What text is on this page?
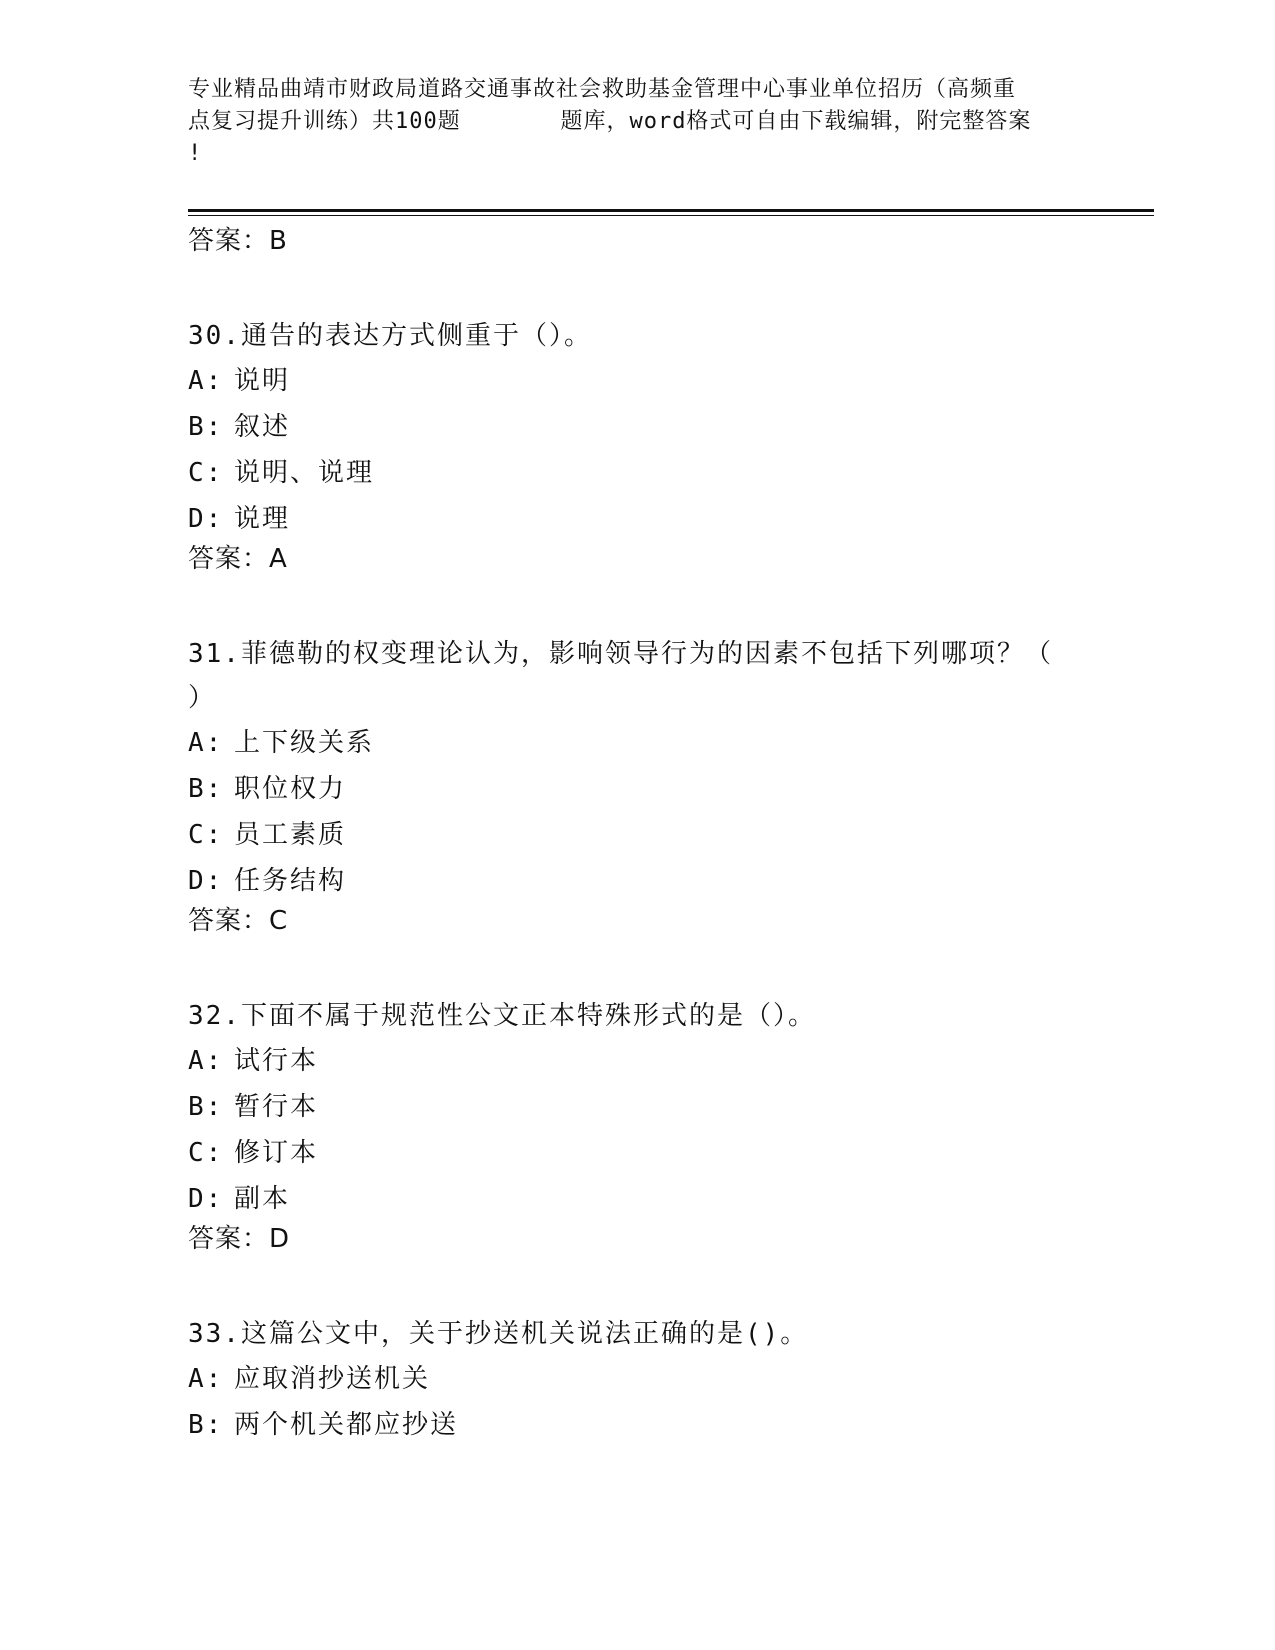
专业精品曲靖市财政局道路交通事故社会救助基金管理中心事业单位招历（高频重
点复习提升训练）共100题       题库，word格式可自由下载编辑，附完整答案
!
答案：B
30.通告的表达方式侧重于（）。
A: 说明
B: 叙述
C: 说明、说理
D: 说理
答案：A
31.菲德勒的权变理论认为，影响领导行为的因素不包括下列哪项？（
）
A: 上下级关系
B: 职位权力
C: 员工素质
D: 任务结构
答案：C
32.下面不属于规范性公文正本特殊形式的是（）。
A: 试行本
B: 暂行本
C: 修订本
D: 副本
答案：D
33.这篇公文中，关于抄送机关说法正确的是()。
A: 应取消抄送机关
B: 两个机关都应抄送
